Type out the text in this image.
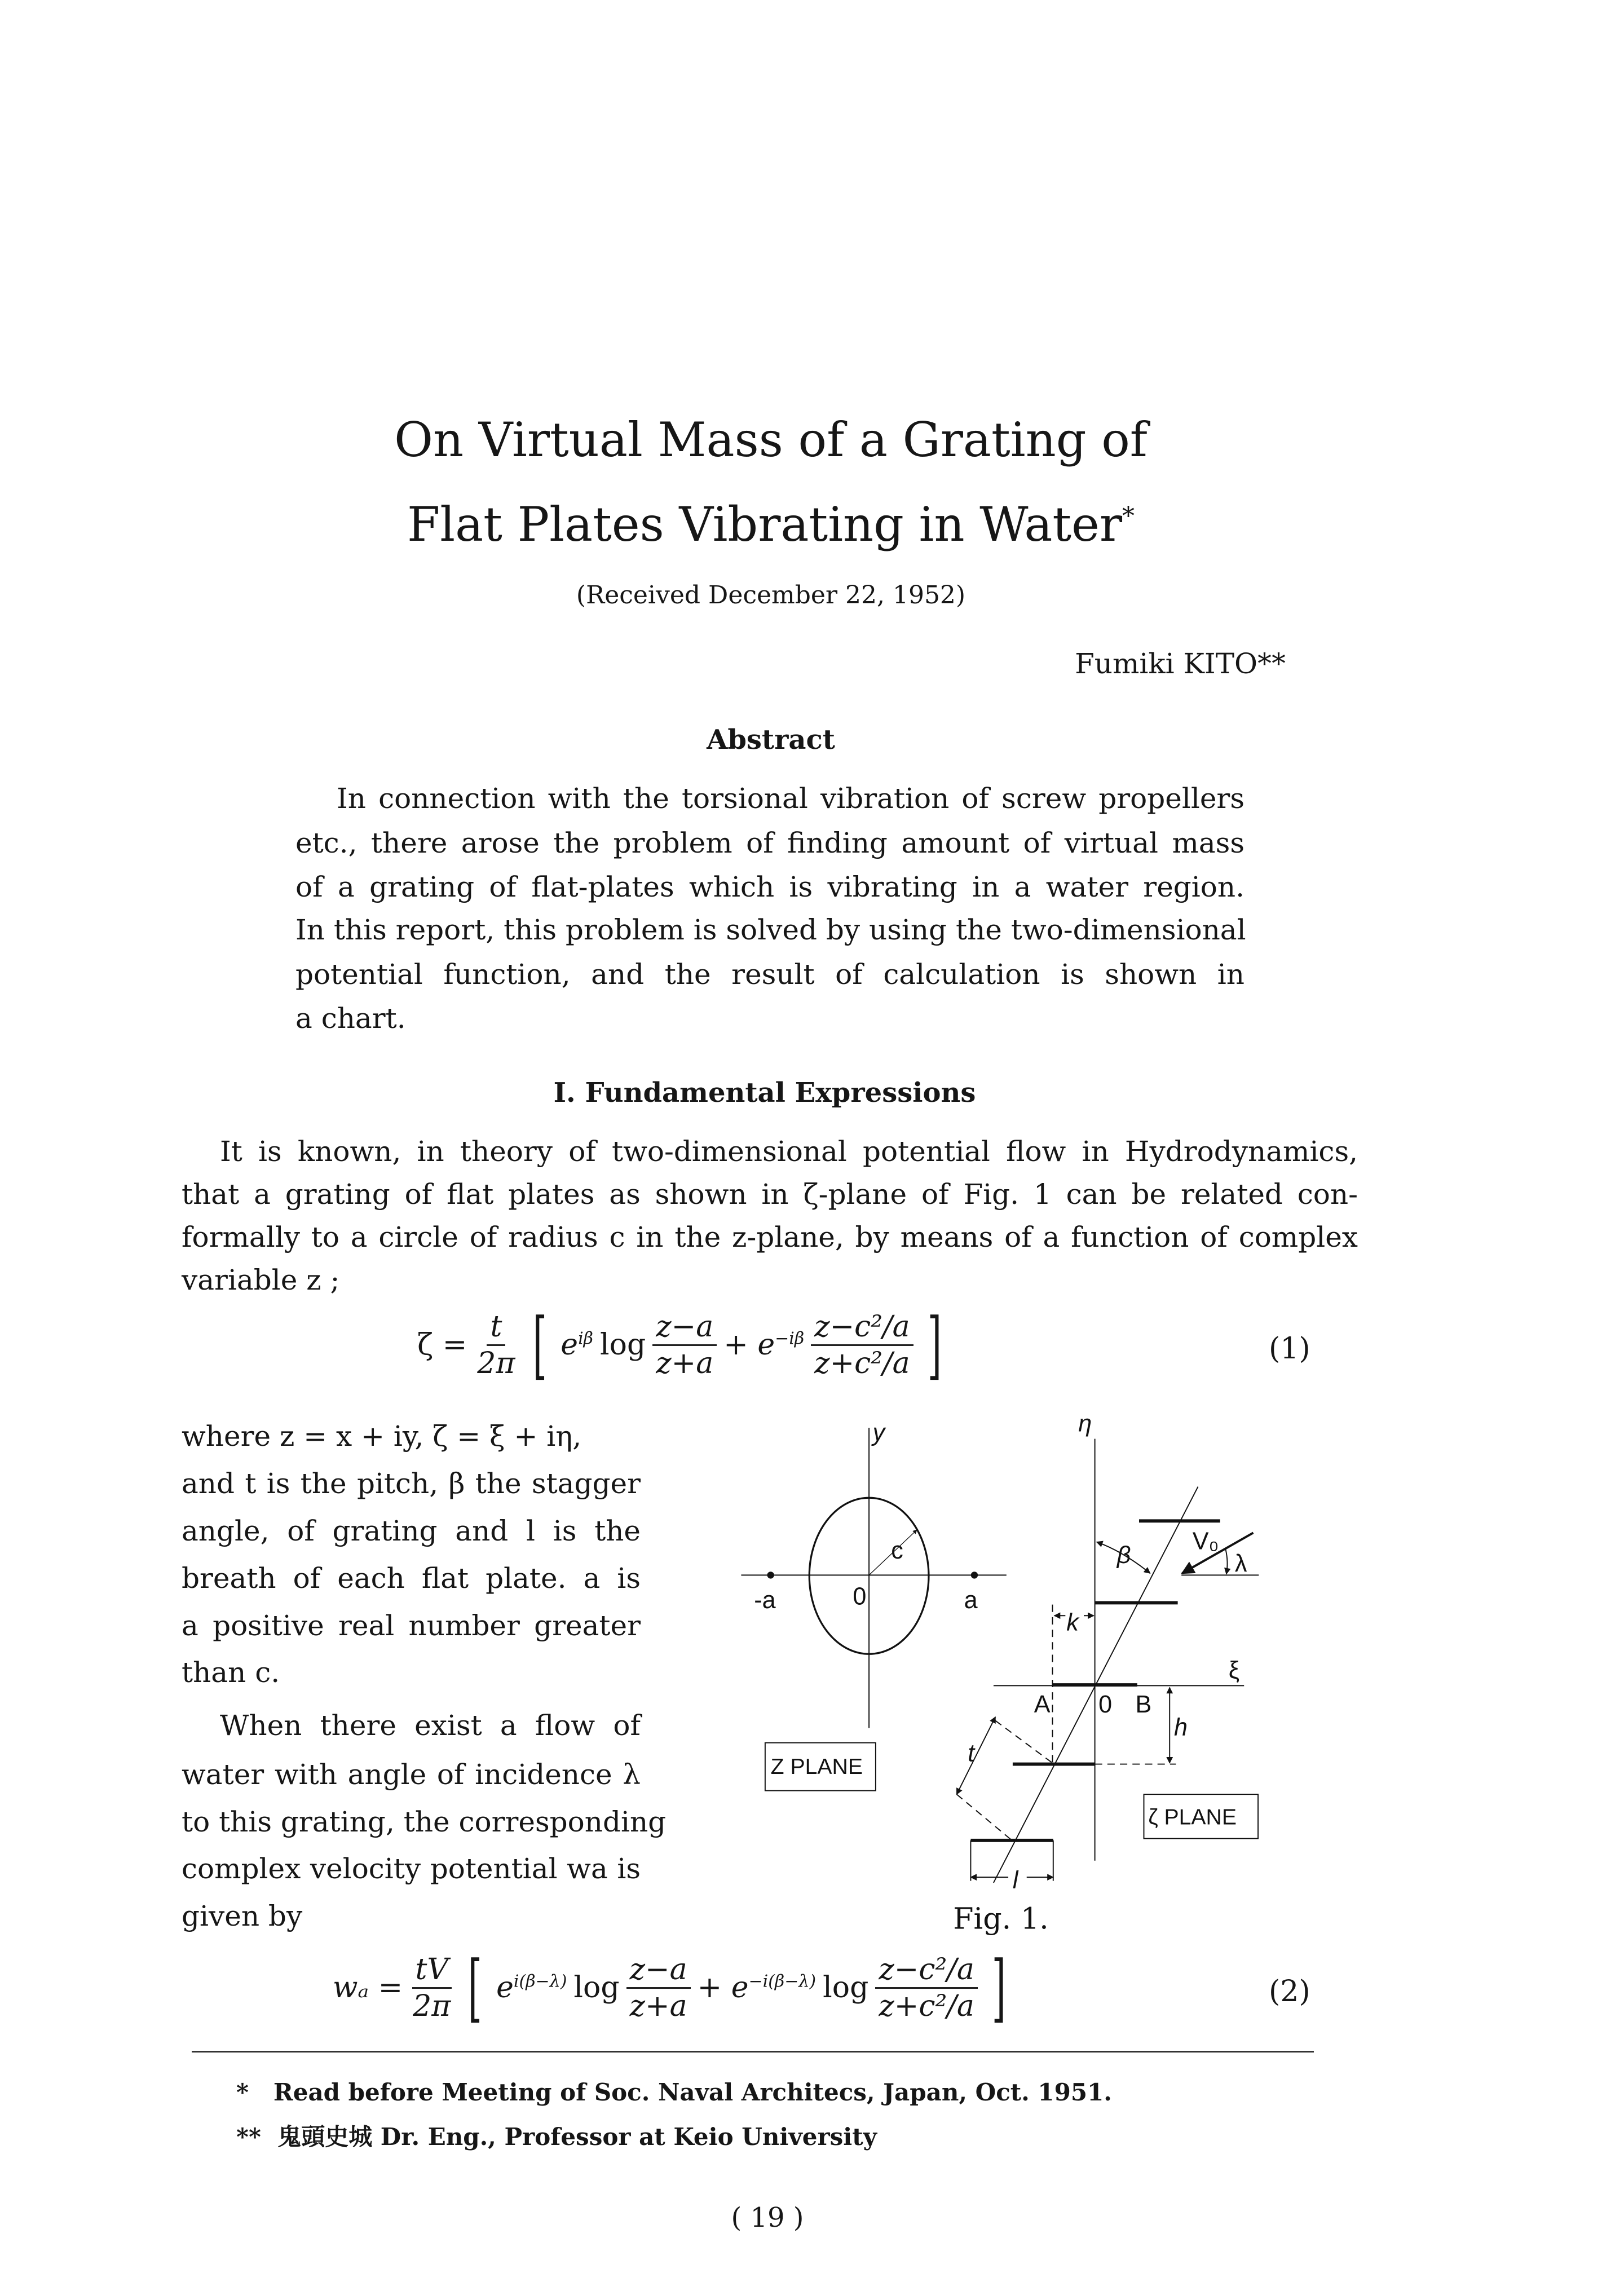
On Virtual Mass of a Grating of
Flat Plates Vibrating in Water*
(Received December 22, 1952)
Fumiki KITO**
Abstract
In connection with the torsional vibration of screw propellers
etc., there arose the problem of finding amount of virtual mass
of a grating of flat-plates which is vibrating in a water region.
In this report, this problem is solved by using the two-dimensional
potential function, and the result of calculation is shown in
a chart.
I. Fundamental Expressions
It is known, in theory of two-dimensional potential flow in Hydrodynamics,
that a grating of flat plates as shown in ζ-plane of Fig. 1 can be related con-
formally to a circle of radius c in the z-plane, by means of a function of complex
variable z ;
$\zeta = \frac{t}{2\pi}$ [ $e^{i\beta}$ $\log \frac{z-a}{z+a} + e^{-i\beta} \frac{\text{z−c²/a}}{\text{z+c²/a}}$ ]	(1)
where z = x + iy, ζ = ξ + iη,
and t is the pitch, β the stagger
angle, of grating and l is the
breath of each flat plate. a is
a positive real number greater
than c.
When there exist a flow of
water with angle of incidence λ
to this grating, the corresponding
complex velocity potential wa is
given by
y
-a 0	a
c
Z PLANE
η
ξ
A 0 B
h
k
β
t
l
V₀
λ
ζ PLANE
Fig. 1.
$w_a = \frac{tV}{2\pi}$ [ $e^{i(\beta-\lambda)}$ $\log \frac{z-a}{z+a} + e^{-i(\beta-\lambda)}$ $\log \frac{\text{z−c²/a}}{\text{z+c²/a}}$ ]	(2)
* Read before Meeting of Soc. Naval Architecs, Japan, Oct. 1951.
** 鬼頭史城 Dr. Eng., Professor at Keio University
( 19 )
